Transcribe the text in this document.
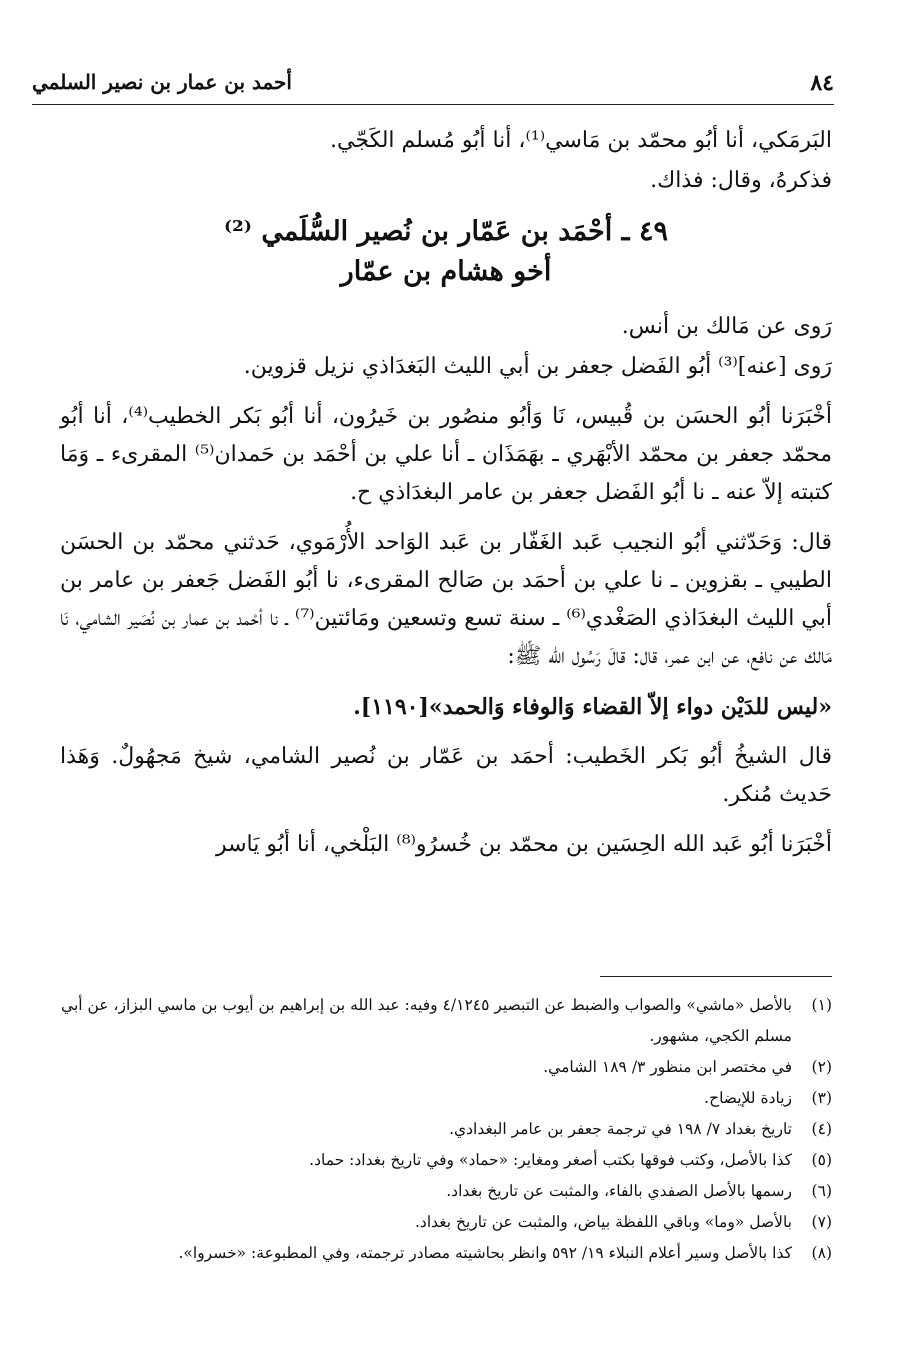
٨٤
أحمد بن عمار بن نصير السلمي

البَرمَكي، أنا أبُو محمّد بن مَاسي⁽¹⁾، أنا أبُو مُسلم الكَجّي.

فذكرهُ، وقال: فذاك.

٤٩ ـ أحْمَد بن عَمّار بن نُصير السُّلَمي ⁽²⁾
أخو هشام بن عمّار

رَوى عن مَالك بن أنس.

رَوى [عنه]⁽³⁾ أبُو الفَضل جعفر بن أبي الليث البَغدَاذي نزيل قزوين.

أخْبَرَنا أبُو الحسَن بن قُبيس، نَا وَأبُو منصُور بن خَيرُون، أنا أبُو بَكر الخطيب⁽⁴⁾، أنا أبُو محمّد جعفر بن محمّد الأبْهَري ـ بهَمَذَان ـ أنا علي بن أحْمَد بن حَمدان⁽⁵⁾ المقرىء ـ وَمَا كتبته إلاّ عنه ـ نا أبُو الفَضل جعفر بن عامر البغدَاذي ح.

قال: وَحَدّثني أبُو النجيب عَبد الغَفّار بن عَبد الوَاحد الأُرْمَوي، حَدثني محمّد بن الحسَن الطيبي ـ بقزوين ـ نا علي بن أحمَد بن صَالح المقرىء، نا أبُو الفَضل جَعفر بن عامر بن أبي الليث البغدَاذي الصَغْدي⁽⁶⁾ ـ سنة تسع وتسعين ومَائتين⁽⁷⁾ ـ نا أحْمد بن عمار بن نُصَير الشامي، نَا مَالك عن نافع، عن ابن عمر، قال: قالَ رَسُول الله ﷺ:

«ليس للدَيْن دواء إلاّ القضاء وَالوفاء وَالحمد»[١١٩٠].

قال الشيخُ أبُو بَكر الخَطيب: أحمَد بن عَمّار بن نُصير الشامي، شيخ مَجهُولٌ. وَهَذا حَديث مُنكر.

أخْبَرَنا أبُو عَبد الله الحِسَين بن محمّد بن خُسرُو⁽⁸⁾ البَلْخي، أنا أبُو يَاسر

(١)
بالأصل «ماشي» والصواب والضبط عن التبصير ٤/١٢٤٥ وفيه: عبد الله بن إبراهيم بن أيوب بن ماسي البزاز، عن أبي مسلم الكجي، مشهور.
(٢)
في مختصر ابن منظور ٣/ ١٨٩ الشامي.
(٣)
زيادة للإيضاح.
(٤)
تاريخ بغداد ٧/ ١٩٨ في ترجمة جعفر بن عامر البغدادي.
(٥)
كذا بالأصل، وكتب فوقها بكتب أصغر ومغاير: «حماد» وفي تاريخ بغداد: حماد.
(٦)
رسمها بالأصل الصفدي بالفاء، والمثبت عن تاريخ بغداد.
(٧)
بالأصل «وما» وباقي اللفظة بياض، والمثبت عن تاريخ بغداد.
(٨)
كذا بالأصل وسير أعلام النبلاء ١٩/ ٥٩٢ وانظر بحاشيته مصادر ترجمته، وفي المطبوعة: «خسروا».
